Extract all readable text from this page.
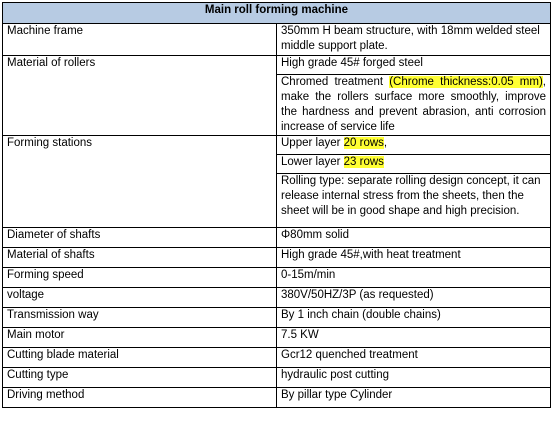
Main roll forming machine	
Machine frame	350mm H beam structure, with 18mm welded steel middle support plate.
Material of rollers	High grade 45# forged steel
	Chromed treatment (Chrome thickness:0.05 mm), make the rollers surface more smoothly, improve the hardness and prevent abrasion, anti corrosion increase of service life
Forming stations	Upper layer 20 rows,
	Lower layer 23 rows
	Rolling type: separate rolling design concept, it can release internal stress from the sheets, then the sheet will be in good shape and high precision.
Diameter of shafts	Φ80mm solid
Material of shafts	High grade 45#,with heat treatment
Forming speed	0-15m/min
voltage	380V/50HZ/3P (as requested)
Transmission way	By 1 inch chain (double chains)
Main motor	7.5 KW
Cutting blade material	Gcr12 quenched treatment
Cutting type	hydraulic post cutting
Driving method	By pillar type Cylinder
